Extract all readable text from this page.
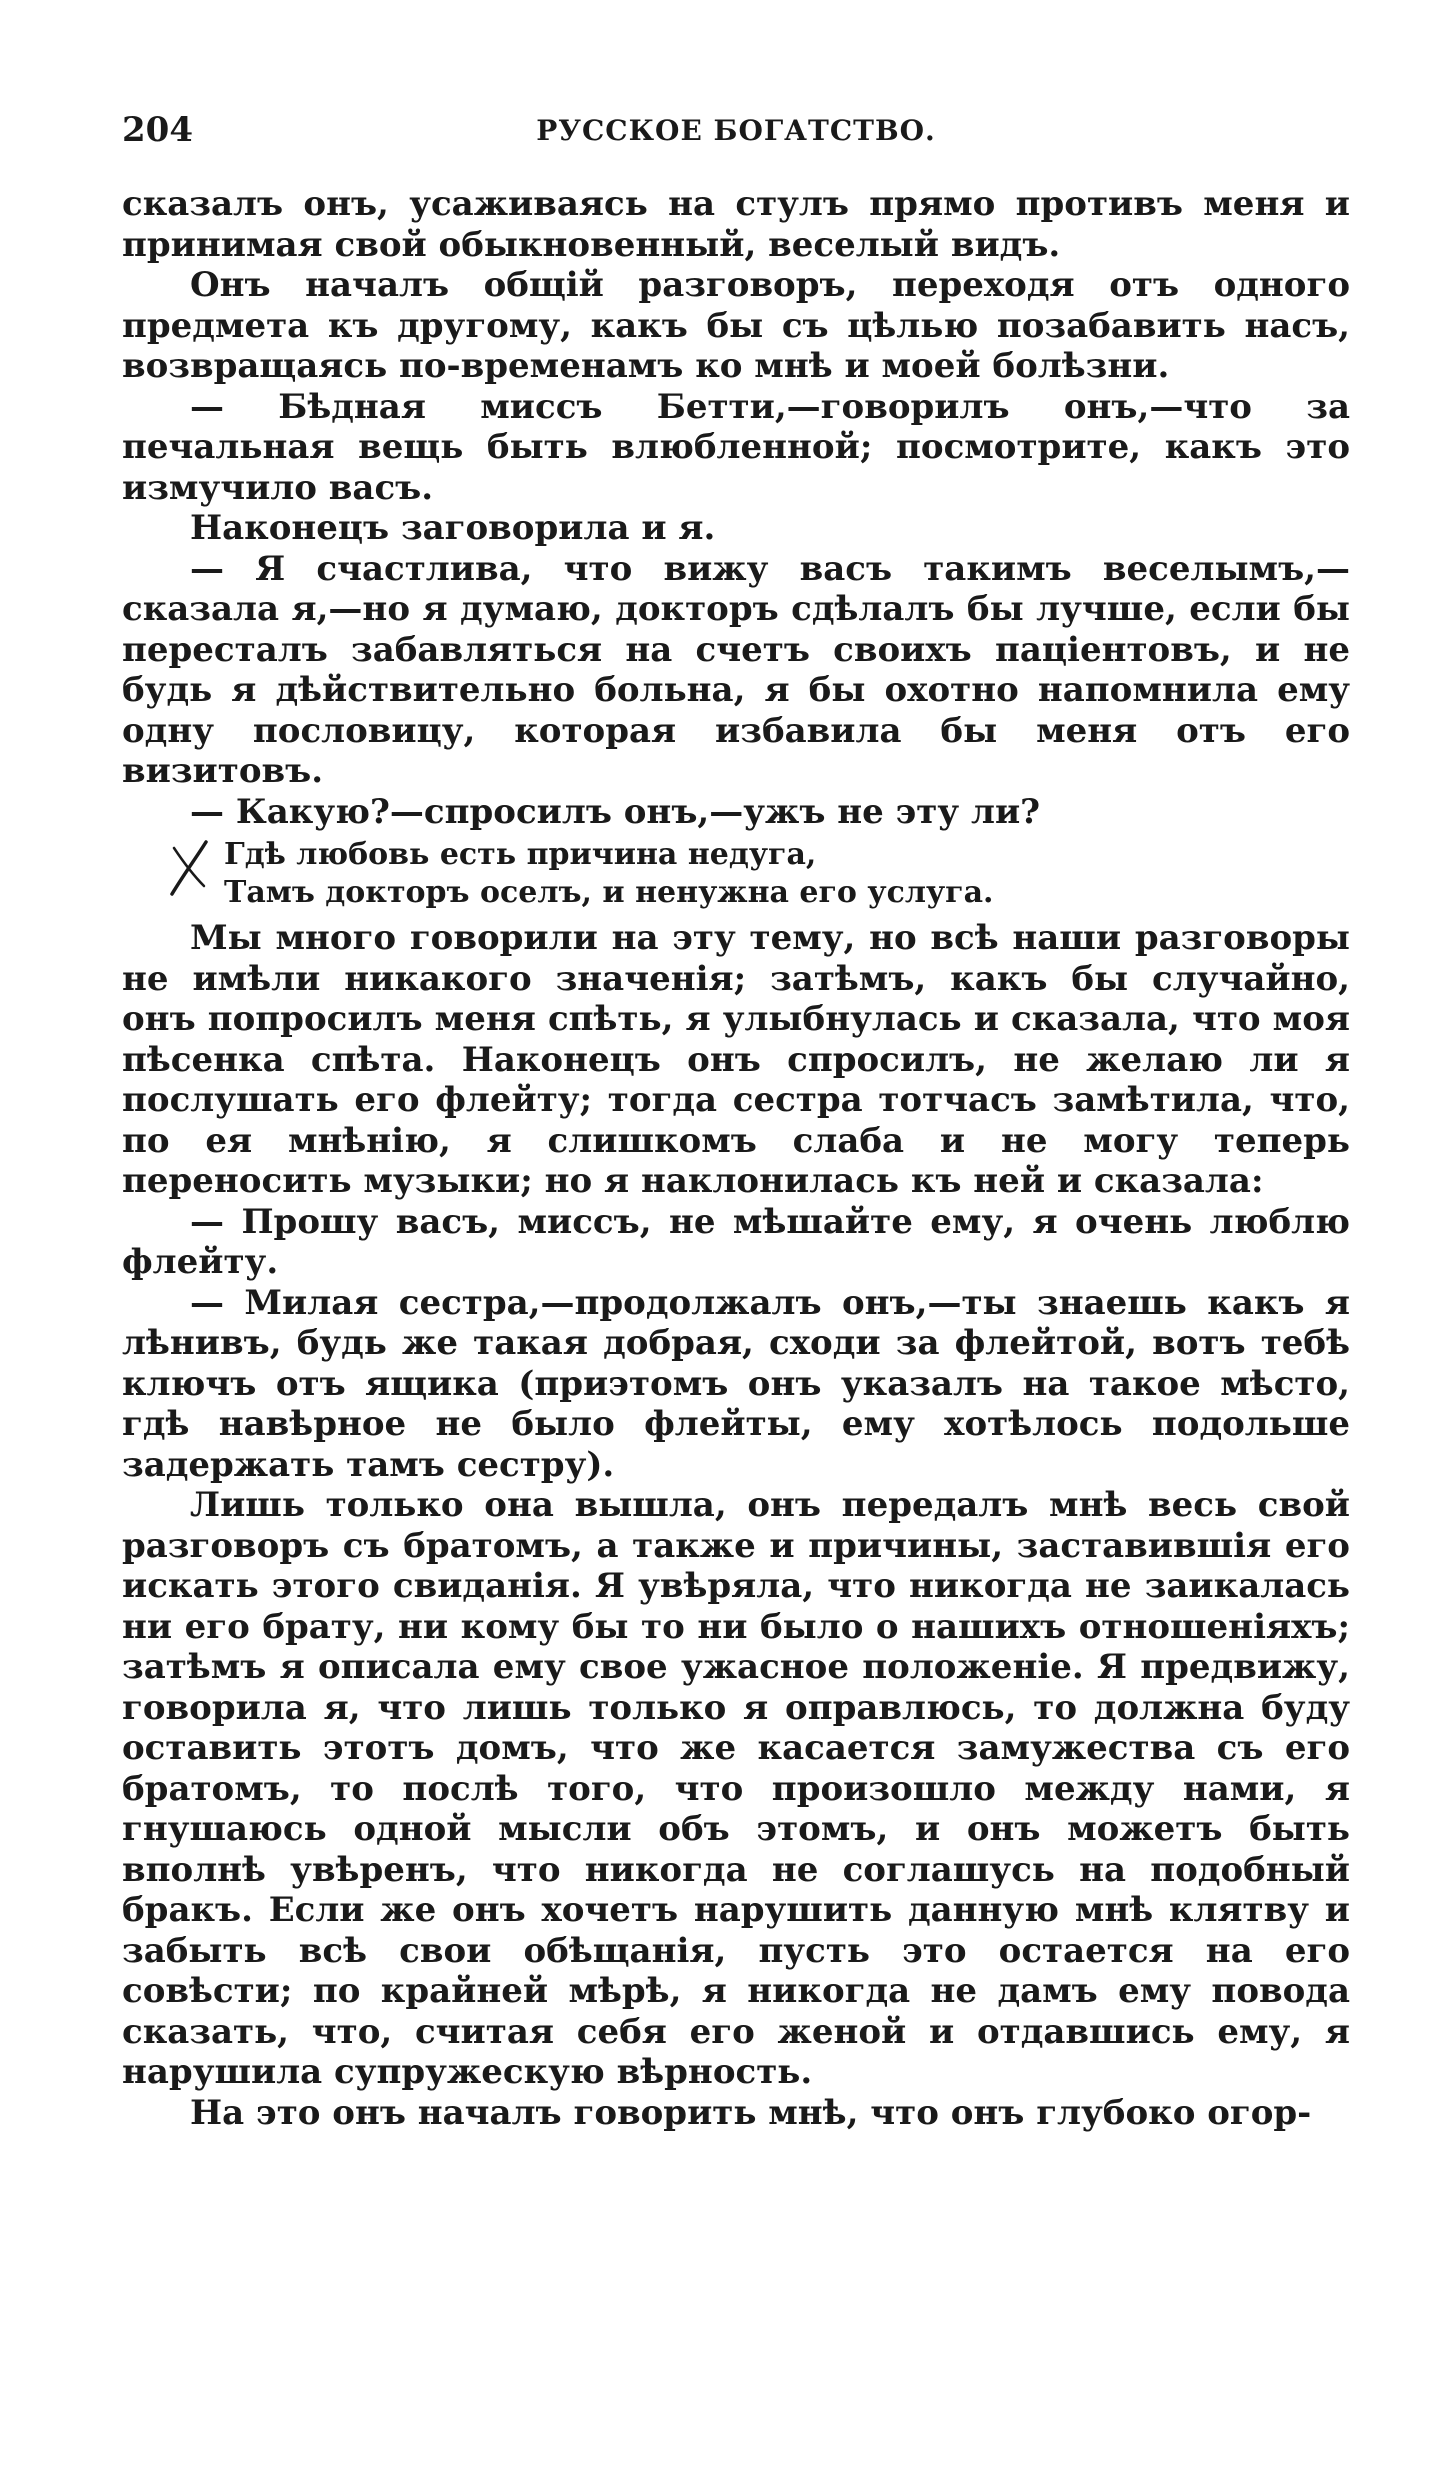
204	РУССКОЕ БОГАТСТВО.

сказалъ онъ, усаживаясь на стулъ прямо противъ меня и принимая свой обыкновенный, веселый видъ.

Онъ началъ общій разговоръ, переходя отъ одного предмета къ другому, какъ бы съ цѣлью позабавить насъ, возвращаясь по-временамъ ко мнѣ и моей болѣзни.

— Бѣдная миссъ Бетти,—говорилъ онъ,—что за печальная вещь быть влюбленной; посмотрите, какъ это измучило васъ.

Наконецъ заговорила и я.

— Я счастлива, что вижу васъ такимъ веселымъ,—сказала я,—но я думаю, докторъ сдѣлалъ бы лучше, если бы пересталъ забавляться на счетъ своихъ паціентовъ, и не будь я дѣйствительно больна, я бы охотно напомнила ему одну пословицу, которая избавила бы меня отъ его визитовъ.

— Какую?—спросилъ онъ,—ужъ не эту ли?

Гдѣ любовь есть причина недуга,
Тамъ докторъ оселъ, и ненужна его услуга.

Мы много говорили на эту тему, но всѣ наши разговоры не имѣли никакого значенія; затѣмъ, какъ бы случайно, онъ попросилъ меня спѣть, я улыбнулась и сказала, что моя пѣсенка спѣта. Наконецъ онъ спросилъ, не желаю ли я послушать его флейту; тогда сестра тотчасъ замѣтила, что, по ея мнѣнію, я слишкомъ слаба и не могу теперь переносить музыки; но я наклонилась къ ней и сказала:

— Прошу васъ, миссъ, не мѣшайте ему, я очень люблю флейту.

— Милая сестра,—продолжалъ онъ,—ты знаешь какъ я лѣнивъ, будь же такая добрая, сходи за флейтой, вотъ тебѣ ключъ отъ ящика (приэтомъ онъ указалъ на такое мѣсто, гдѣ навѣрное не было флейты, ему хотѣлось подольше задержать тамъ сестру).

Лишь только она вышла, онъ передалъ мнѣ весь свой разговоръ съ братомъ, а также и причины, заставившія его искать этого свиданія. Я увѣряла, что никогда не заикалась ни его брату, ни кому бы то ни было о нашихъ отношеніяхъ; затѣмъ я описала ему свое ужасное положеніе. Я предвижу, говорила я, что лишь только я оправлюсь, то должна буду оставить этотъ домъ, что же касается замужества съ его братомъ, то послѣ того, что произошло между нами, я гнушаюсь одной мысли объ этомъ, и онъ можетъ быть вполнѣ увѣренъ, что никогда не соглашусь на подобный бракъ. Если же онъ хочетъ нарушить данную мнѣ клятву и забыть всѣ свои обѣщанія, пусть это остается на его совѣсти; по крайней мѣрѣ, я никогда не дамъ ему повода сказать, что, считая себя его женой и отдавшись ему, я нарушила супружескую вѣрность.

На это онъ началъ говорить мнѣ, что онъ глубоко огор-
